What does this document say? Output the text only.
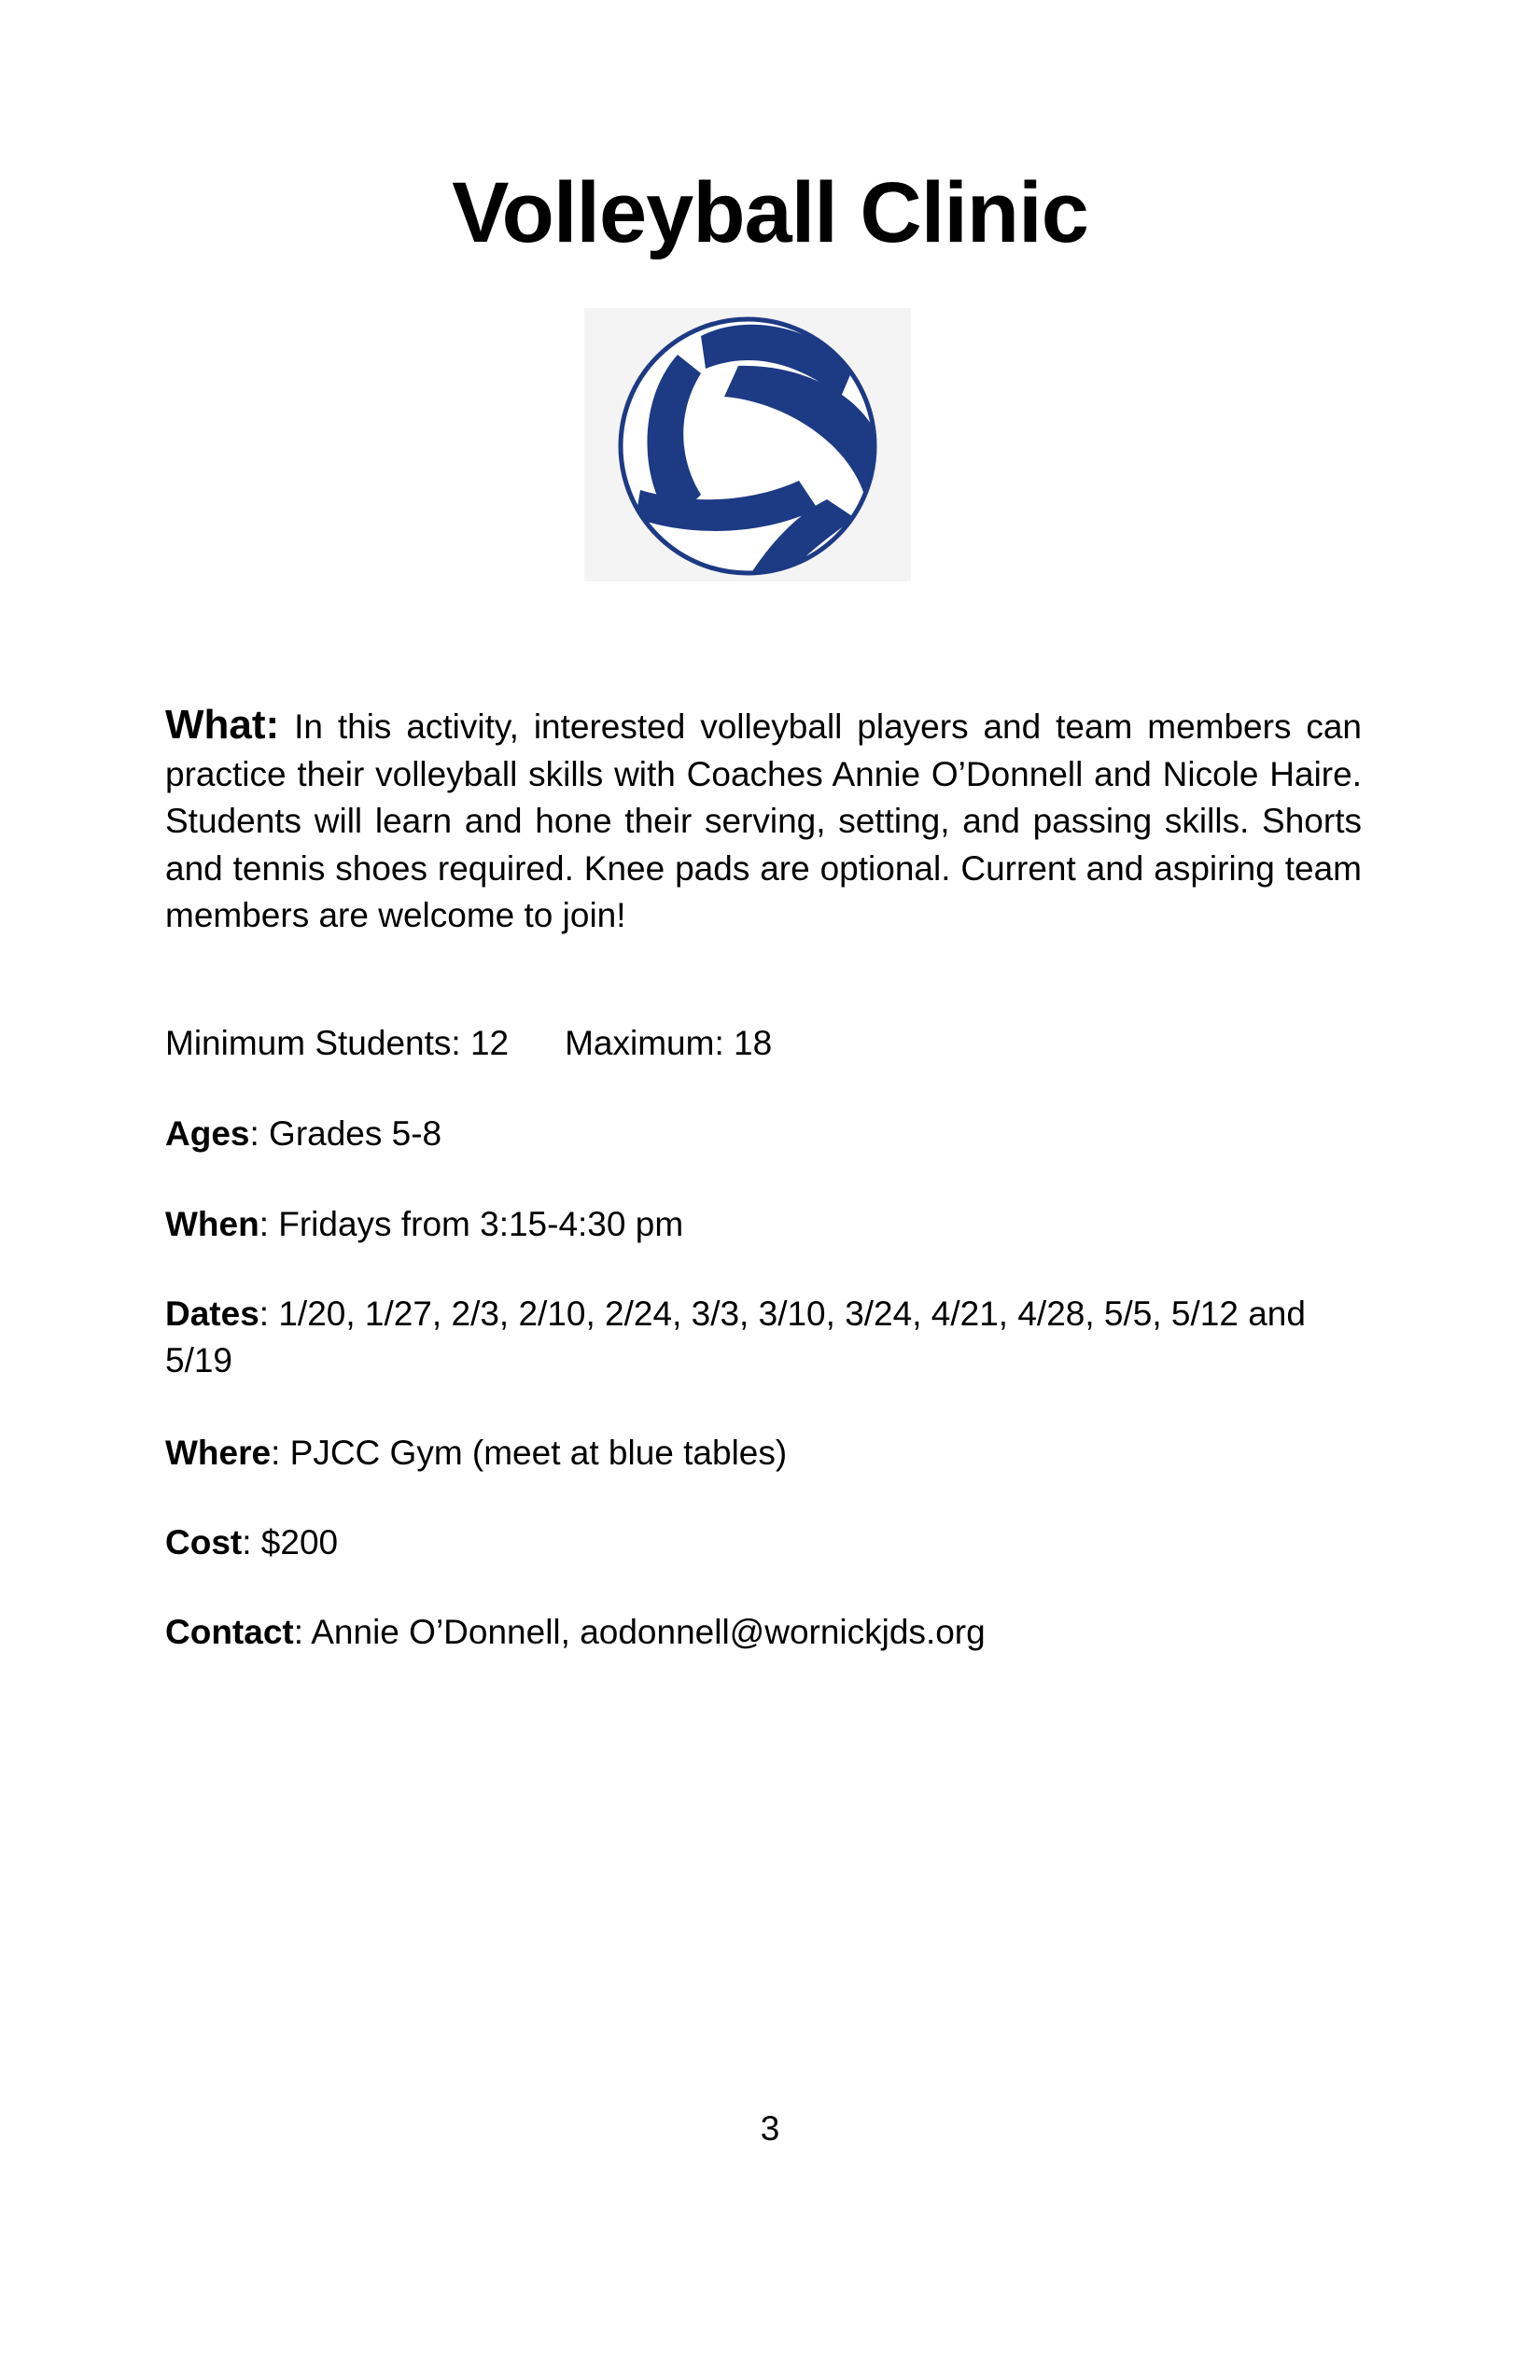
Volleyball Clinic
What: In this activity, interested volleyball players and team members can practice their volleyball skills with Coaches Annie O’Donnell and Nicole Haire. Students will learn and hone their serving, setting, and passing skills. Shorts and tennis shoes required. Knee pads are optional. Current and aspiring team members are welcome to join!
Minimum Students: 12 Maximum: 18
Ages: Grades 5-8
When: Fridays from 3:15-4:30 pm
Dates: 1/20, 1/27, 2/3, 2/10, 2/24, 3/3, 3/10, 3/24, 4/21, 4/28, 5/5, 5/12 and 5/19
Where: PJCC Gym (meet at blue tables)
Cost: $200
Contact: Annie O’Donnell, aodonnell@wornickjds.org
3
